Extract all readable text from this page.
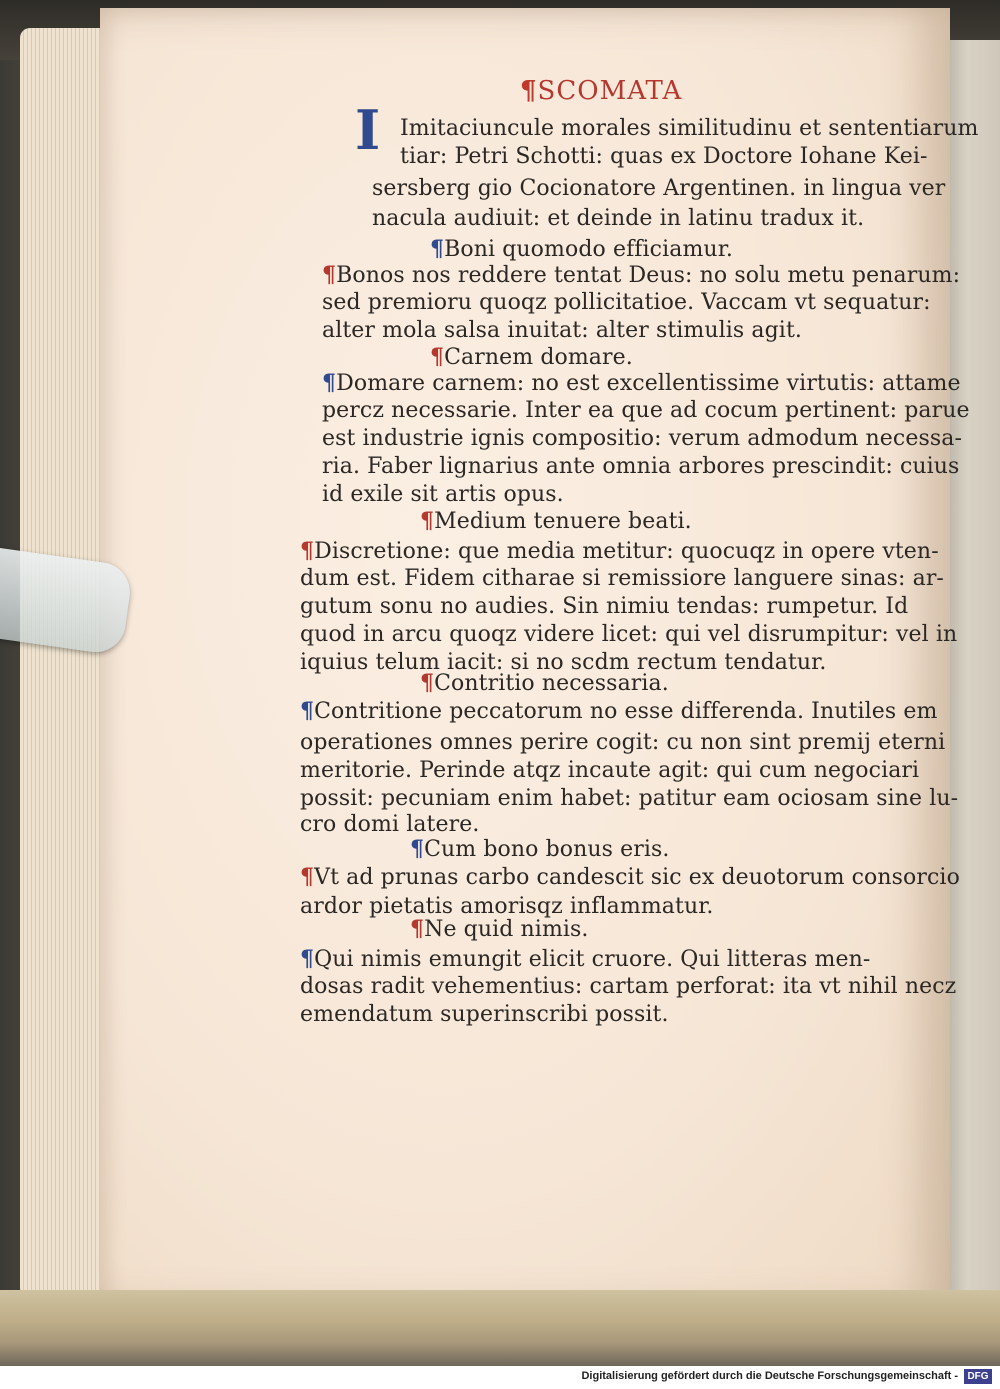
¶SCOMATA
I Imitaciuncule morales similitudinu et sententiarum
tiar: Petri Schotti: quas ex Doctore Iohane Kei-
sersberg gio Cocionatore Argentinen. in lingua ver
nacula audiuit: et deinde in latinu tradux it.
¶Boni quomodo efficiamur.
¶Bonos nos reddere tentat Deus: no solu metu penarum:
sed premioru quoqz pollicitatioe. Vaccam vt sequatur:
alter mola salsa inuitat: alter stimulis agit.
¶Carnem domare.
¶Domare carnem: no est excellentissime virtutis: attame
percz necessarie. Inter ea que ad cocum pertinent: parue
est industrie ignis compositio: verum admodum necessa-
ria. Faber lignarius ante omnia arbores prescindit: cuius
id exile sit artis opus.
¶Medium tenuere beati.
¶Discretione: que media metitur: quocuqz in opere vten-
dum est. Fidem citharae si remissiore languere sinas: ar-
gutum sonu no audies. Sin nimiu tendas: rumpetur. Id
quod in arcu quoqz videre licet: qui vel disrumpitur: vel in
iquius telum iacit: si no scdm rectum tendatur.
¶Contritio necessaria.
¶Contritione peccatorum no esse differenda. Inutiles em
operationes omnes perire cogit: cu non sint premij eterni
meritorie. Perinde atqz incaute agit: qui cum negociari
possit: pecuniam enim habet: patitur eam ociosam sine lu-
cro domi latere.
¶Cum bono bonus eris.
¶Vt ad prunas carbo candescit sic ex deuotorum consorcio
ardor pietatis amorisqz inflammatur.
¶Ne quid nimis.
¶Qui nimis emungit elicit cruore. Qui litteras men-
dosas radit vehementius: cartam perforat: ita vt nihil necz
emendatum superinscribi possit.
Digitalisierung gefördert durch die Deutsche Forschungsgemeinschaft - DFG
